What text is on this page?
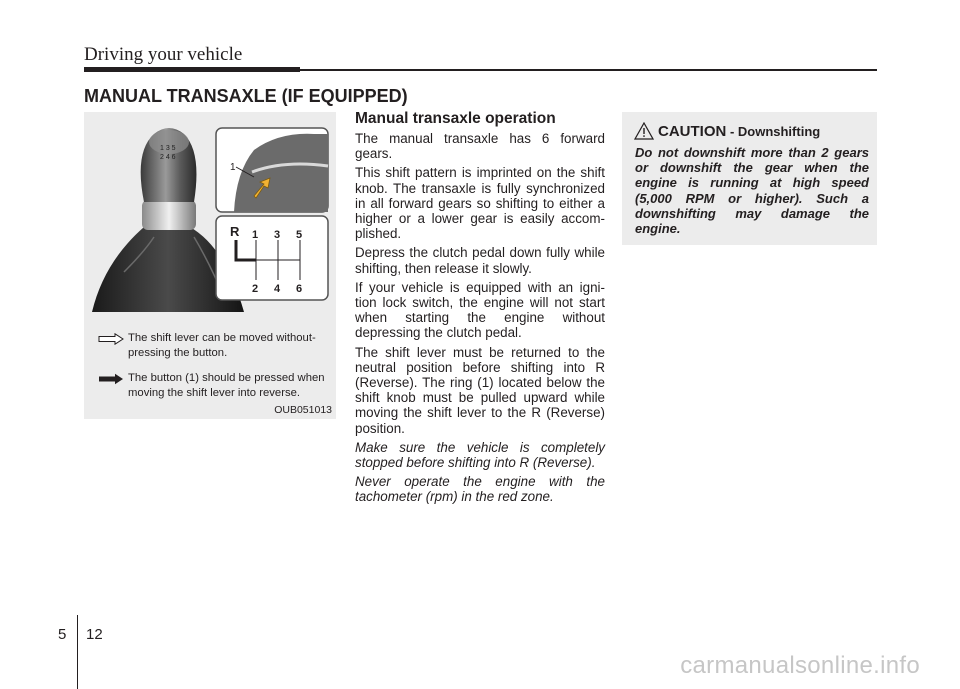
Driving your vehicle
MANUAL TRANSAXLE (IF EQUIPPED)
1 3 5
2 4 6
1
R 1 3 5
2 4 6
The shift lever can be moved without- pressing the button.
The button (1) should be pressed when moving the shift lever into reverse.
OUB051013
Manual transaxle operation

The manual transaxle has 6 forward gears.

This shift pattern is imprinted on the shift knob. The transaxle is fully synchronized in all forward gears so shifting to either a higher or a lower gear is easily accom-plished.

Depress the clutch pedal down fully while shifting, then release it slowly.

If your vehicle is equipped with an igni-tion lock switch, the engine will not start when starting the engine without depressing the clutch pedal.

The shift lever must be returned to the neutral position before shifting into R (Reverse). The ring (1) located below the shift knob must be pulled upward while moving the shift lever to the R (Reverse) position.

Make sure the vehicle is completely stopped before shifting into R (Reverse).

Never operate the engine with the tachometer (rpm) in the red zone.

CAUTION - Downshifting
Do not downshift more than 2 gears or downshift the gear when the engine is running at high speed (5,000 RPM or higher). Such a downshifting may damage the engine.
5 12
carmanualsonline.info
